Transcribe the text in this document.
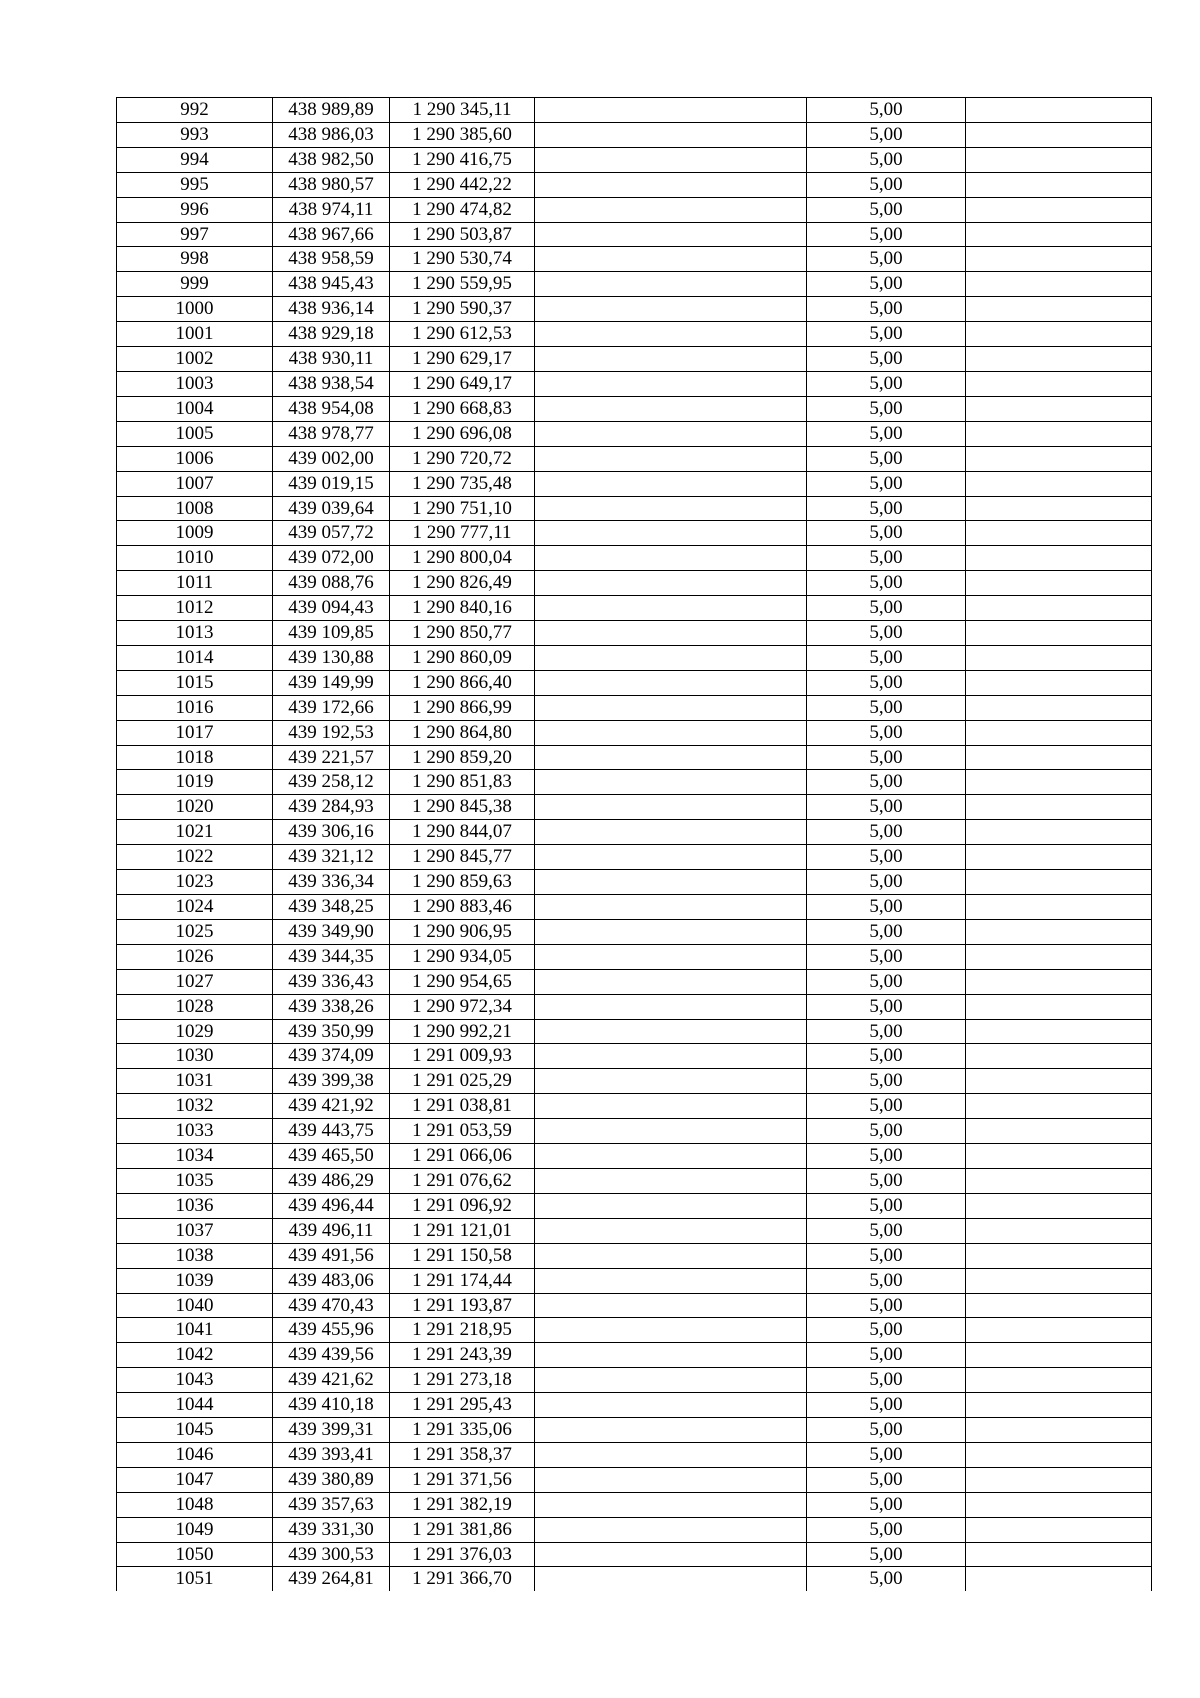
992	438 989,89	1 290 345,11		5,00	
993	438 986,03	1 290 385,60		5,00	
994	438 982,50	1 290 416,75		5,00	
995	438 980,57	1 290 442,22		5,00	
996	438 974,11	1 290 474,82		5,00	
997	438 967,66	1 290 503,87		5,00	
998	438 958,59	1 290 530,74		5,00	
999	438 945,43	1 290 559,95		5,00	
1000	438 936,14	1 290 590,37		5,00	
1001	438 929,18	1 290 612,53		5,00	
1002	438 930,11	1 290 629,17		5,00	
1003	438 938,54	1 290 649,17		5,00	
1004	438 954,08	1 290 668,83		5,00	
1005	438 978,77	1 290 696,08		5,00	
1006	439 002,00	1 290 720,72		5,00	
1007	439 019,15	1 290 735,48		5,00	
1008	439 039,64	1 290 751,10		5,00	
1009	439 057,72	1 290 777,11		5,00	
1010	439 072,00	1 290 800,04		5,00	
1011	439 088,76	1 290 826,49		5,00	
1012	439 094,43	1 290 840,16		5,00	
1013	439 109,85	1 290 850,77		5,00	
1014	439 130,88	1 290 860,09		5,00	
1015	439 149,99	1 290 866,40		5,00	
1016	439 172,66	1 290 866,99		5,00	
1017	439 192,53	1 290 864,80		5,00	
1018	439 221,57	1 290 859,20		5,00	
1019	439 258,12	1 290 851,83		5,00	
1020	439 284,93	1 290 845,38		5,00	
1021	439 306,16	1 290 844,07		5,00	
1022	439 321,12	1 290 845,77		5,00	
1023	439 336,34	1 290 859,63		5,00	
1024	439 348,25	1 290 883,46		5,00	
1025	439 349,90	1 290 906,95		5,00	
1026	439 344,35	1 290 934,05		5,00	
1027	439 336,43	1 290 954,65		5,00	
1028	439 338,26	1 290 972,34		5,00	
1029	439 350,99	1 290 992,21		5,00	
1030	439 374,09	1 291 009,93		5,00	
1031	439 399,38	1 291 025,29		5,00	
1032	439 421,92	1 291 038,81		5,00	
1033	439 443,75	1 291 053,59		5,00	
1034	439 465,50	1 291 066,06		5,00	
1035	439 486,29	1 291 076,62		5,00	
1036	439 496,44	1 291 096,92		5,00	
1037	439 496,11	1 291 121,01		5,00	
1038	439 491,56	1 291 150,58		5,00	
1039	439 483,06	1 291 174,44		5,00	
1040	439 470,43	1 291 193,87		5,00	
1041	439 455,96	1 291 218,95		5,00	
1042	439 439,56	1 291 243,39		5,00	
1043	439 421,62	1 291 273,18		5,00	
1044	439 410,18	1 291 295,43		5,00	
1045	439 399,31	1 291 335,06		5,00	
1046	439 393,41	1 291 358,37		5,00	
1047	439 380,89	1 291 371,56		5,00	
1048	439 357,63	1 291 382,19		5,00	
1049	439 331,30	1 291 381,86		5,00	
1050	439 300,53	1 291 376,03		5,00	
1051	439 264,81	1 291 366,70		5,00	
